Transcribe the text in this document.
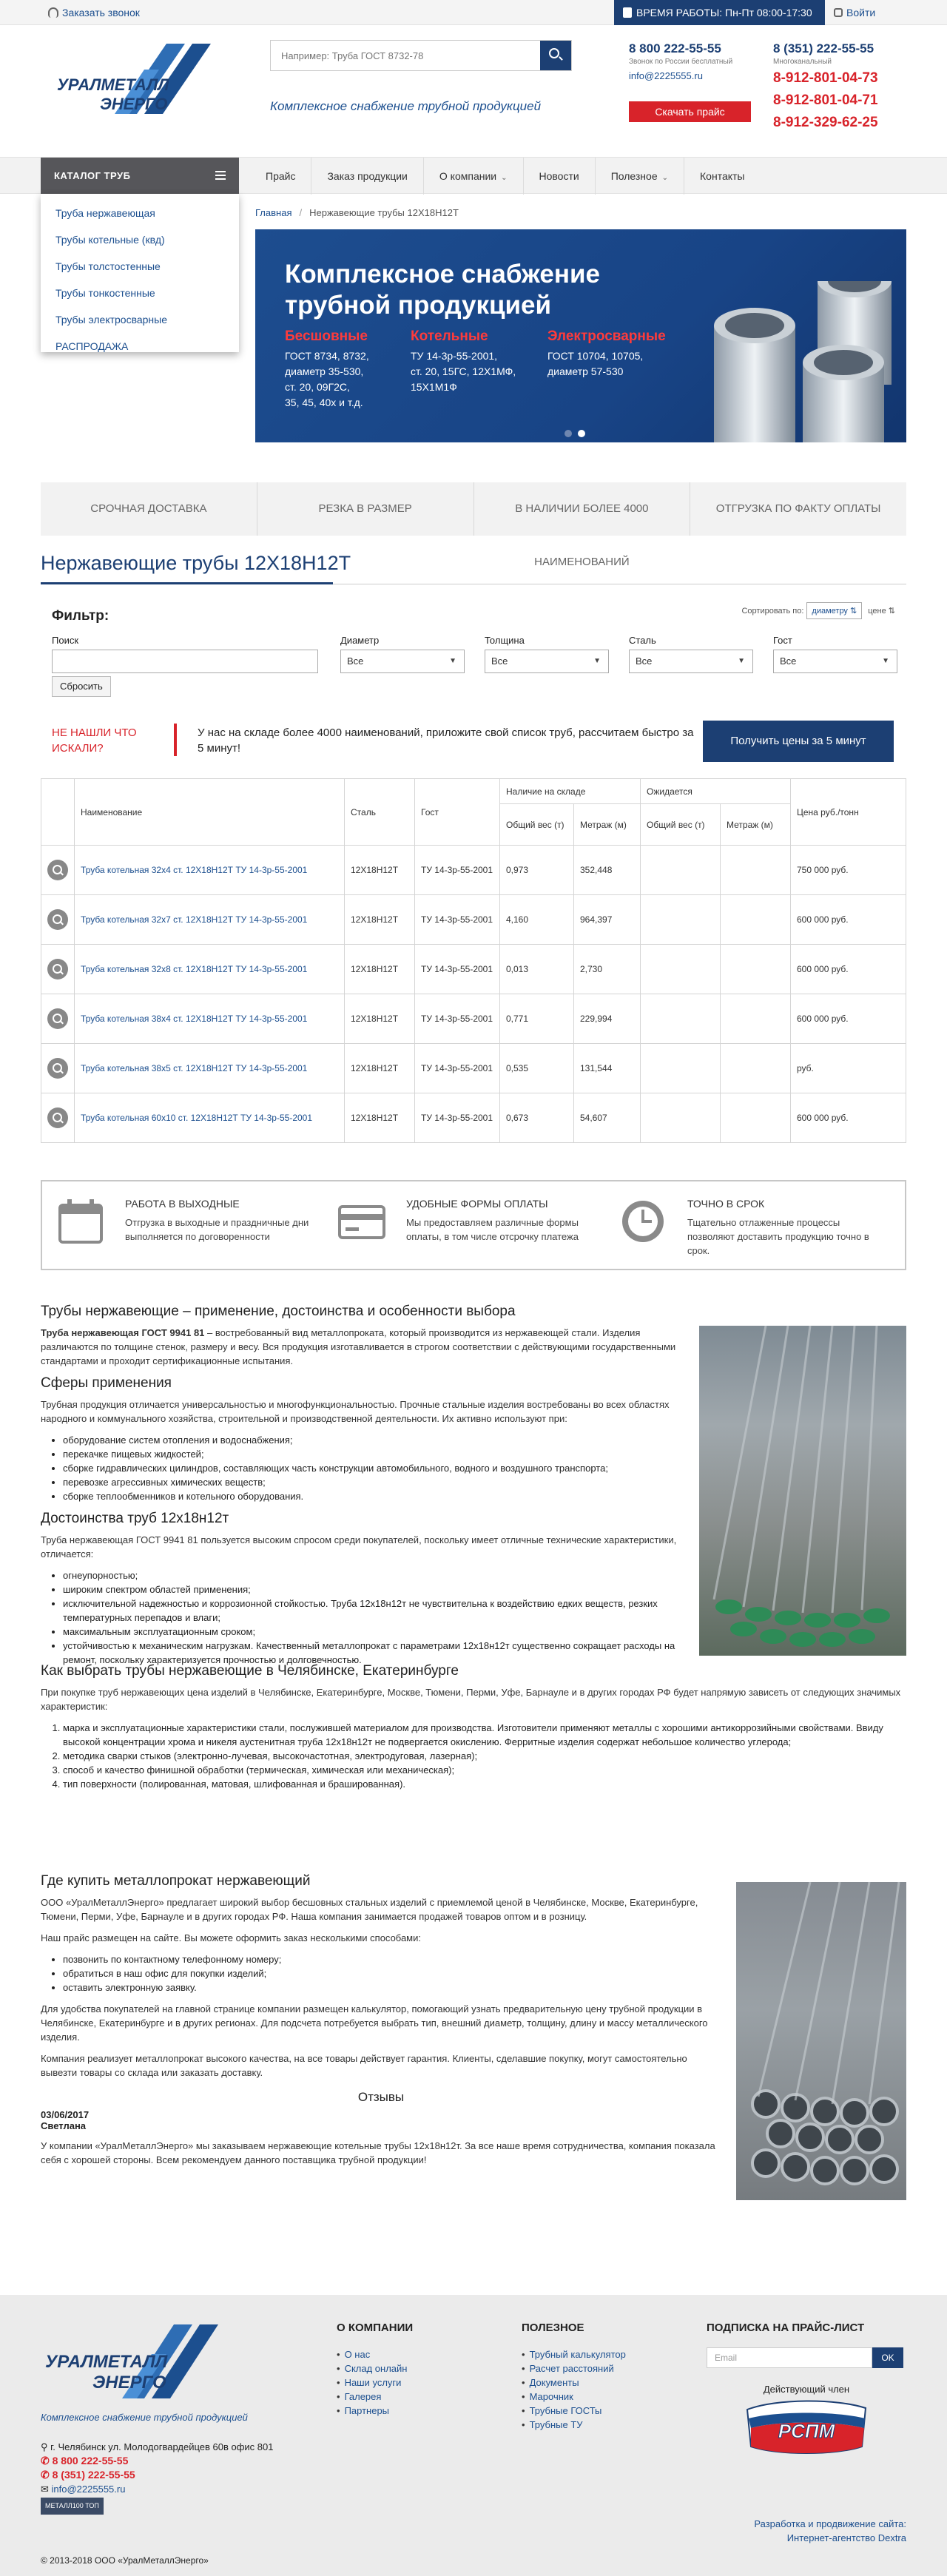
Заказать звонок	ВРЕМЯ РАБОТЫ: Пн-Пт 08:00-17:30	Войти
УРАЛМЕТАЛЛ
ЭНЕРГО
Например: Труба ГОСТ 8732-78	Комплексное снабжение трубной продукцией
8 800 222-55-55
Звонок по России бесплатный
info@2225555.ru
Скачать прайс
8 (351) 222-55-55
Многоканальный
8-912-801-04-73
8-912-801-04-71
8-912-329-62-25
КАТАЛОГ ТРУБ	Прайс	Заказ продукции	О компании ⌄	Новости	Полезное ⌄	Контакты
Труба нержавеющая
Трубы котельные (квд)
Трубы толстостенные
Трубы тонкостенные
Трубы электросварные
РАСПРОДАЖА
Главная / Нержавеющие трубы 12Х18Н12Т
Комплексное снабжение
трубной продукцией
Бесшовные
ГОСТ 8734, 8732,
диаметр 35-530,
ст. 20, 09Г2С,
35, 45, 40х и т.д.
Котельные
ТУ 14-3р-55-2001,
ст. 20, 15ГС, 12Х1МФ,
15Х1М1Ф
Электросварные
ГОСТ 10704, 10705,
диаметр 57-530
СРОЧНАЯ ДОСТАВКА	РЕЗКА В РАЗМЕР	В НАЛИЧИИ БОЛЕЕ 4000 НАИМЕНОВАНИЙ
ОТГРУЗКА ПО ФАКТУ ОПЛАТЫ
Нержавеющие трубы 12Х18Н12Т
Фильтр:	Сортировать по: диаметру ⇅ цене ⇅
Поиск	Диаметр
Все	▼
Толщина
Все	▼
Сталь
Все	▼
Гост
Все	▼
Сбросить
НЕ НАШЛИ ЧТО
ИСКАЛИ?
У нас на складе более 4000 наименований, приложите свой список труб, рассчитаем быстро за 5 минут!
Получить цены за 5 минут
	Наименование	Сталь	Гост	Наличие на складе		Ожидается		Цена руб./тонн
				Общий вес (т)	Метраж (м)	Общий вес (т)	Метраж (м)	
	Труба котельная 32х4 ст. 12Х18Н12Т ТУ 14-3р-55-2001	12Х18Н12Т	ТУ 14-3р-55-2001	0,973	352,448			750 000 руб.
	Труба котельная 32х7 ст. 12Х18Н12Т ТУ 14-3р-55-2001	12Х18Н12Т	ТУ 14-3р-55-2001	4,160	964,397			600 000 руб.
	Труба котельная 32х8 ст. 12Х18Н12Т ТУ 14-3р-55-2001	12Х18Н12Т	ТУ 14-3р-55-2001	0,013	2,730			600 000 руб.
	Труба котельная 38х4 ст. 12Х18Н12Т ТУ 14-3р-55-2001	12Х18Н12Т	ТУ 14-3р-55-2001	0,771	229,994			600 000 руб.
	Труба котельная 38х5 ст. 12Х18Н12Т ТУ 14-3р-55-2001	12Х18Н12Т	ТУ 14-3р-55-2001	0,535	131,544			руб.
	Труба котельная 60х10 ст. 12Х18Н12Т ТУ 14-3р-55-2001	12Х18Н12Т	ТУ 14-3р-55-2001	0,673	54,607			600 000 руб.
РАБОТА В ВЫХОДНЫЕ

Отгрузка в выходные и праздничные дни выполняется по договоренности

УДОБНЫЕ ФОРМЫ ОПЛАТЫ

Мы предоставляем различные формы оплаты, в том числе отсрочку платежа

ТОЧНО В СРОК

Тщательно отлаженные процессы позволяют доставить продукцию точно в срок.

Трубы нержавеющие – применение, достоинства и особенности выбора

Труба нержавеющая ГОСТ 9941 81 – востребованный вид металлопроката, который производится из нержавеющей стали. Изделия различаются по толщине стенок, размеру и весу. Вся продукция изготавливается в строгом соответствии с действующими государственными стандартами и проходит сертификационные испытания.

Сферы применения

Трубная продукция отличается универсальностью и многофункциональностью. Прочные стальные изделия востребованы во всех областях народного и коммунального хозяйства, строительной и производственной деятельности. Их активно используют при:

• оборудование систем отопления и водоснабжения;
• перекачке пищевых жидкостей;
• сборке гидравлических цилиндров, составляющих часть конструкции автомобильного, водного и воздушного транспорта;
• перевозке агрессивных химических веществ;
• сборке теплообменников и котельного оборудования.
Достоинства труб 12х18н12т

Труба нержавеющая ГОСТ 9941 81 пользуется высоким спросом среди покупателей, поскольку имеет отличные технические характеристики, отличается:

• огнеупорностью;
• широким спектром областей применения;
• исключительной надежностью и коррозионной стойкостью. Труба 12х18н12т не чувствительна к воздействию едких веществ, резких температурных перепадов и влаги;
• максимальным эксплуатационным сроком;
• устойчивостью к механическим нагрузкам. Качественный металлопрокат с параметрами 12х18н12т существенно сокращает расходы на ремонт, поскольку характеризуется прочностью и долговечностью.
Как выбрать трубы нержавеющие в Челябинске, Екатеринбурге

При покупке труб нержавеющих цена изделий в Челябинске, Екатеринбурге, Москве, Тюмени, Перми, Уфе, Барнауле и в других городах РФ будет напрямую зависеть от следующих значимых характеристик:

1. марка и эксплуатационные характеристики стали, послужившей материалом для производства. Изготовители применяют металлы с хорошими антикоррозийными свойствами. Ввиду высокой концентрации хрома и никеля аустенитная труба 12х18н12т не подвергается окислению. Ферритные изделия содержат небольшое количество углерода;
2. методика сварки стыков (электронно-лучевая, высокочастотная, электродуговая, лазерная);
3. способ и качество финишной обработки (термическая, химическая или механическая);
4. тип поверхности (полированная, матовая, шлифованная и брашированная).
Где купить металлопрокат нержавеющий

ООО «УралМеталлЭнерго» предлагает широкий выбор бесшовных стальных изделий с приемлемой ценой в Челябинске, Москве, Екатеринбурге, Тюмени, Перми, Уфе, Барнауле и в других городах РФ. Наша компания занимается продажей товаров оптом и в розницу.

Наш прайс размещен на сайте. Вы можете оформить заказ несколькими способами:

• позвонить по контактному телефонному номеру;
• обратиться в наш офис для покупки изделий;
• оставить электронную заявку.

Для удобства покупателей на главной странице компании размещен калькулятор, помогающий узнать предварительную цену трубной продукции в Челябинске, Екатеринбурге и в других регионах. Для подсчета потребуется выбрать тип, внешний диаметр, толщину, длину и массу металлического изделия.

Компания реализует металлопрокат высокого качества, на все товары действует гарантия. Клиенты, сделавшие покупку, могут самостоятельно вывезти товары со склада или заказать доставку.

Отзывы
03/06/2017
Светлана

У компании «УралМеталлЭнерго» мы заказываем нержавеющие котельные трубы 12х18н12т. За все наше время сотрудничества, компания показала себя с хорошей стороны. Всем рекомендуем данного поставщика трубной продукции!

УРАЛМЕТАЛЛ
ЭНЕРГО
Комплексное снабжение трубной продукцией
⚲ г. Челябинск ул. Молодогвардейцев 60в офис 801
✆ 8 800 222-55-55
✆ 8 (351) 222-55-55
✉ info@2225555.ru
МЕТАЛЛ100 ТОП
© 2013-2018 ООО «УралМеталлЭнерго»
О КОМПАНИИ
• О нас
• Склад онлайн
• Наши услуги
• Галерея
• Партнеры
ПОЛЕЗНОЕ
• Трубный калькулятор
• Расчет расстояний
• Документы
• Марочник
• Трубные ГОСТы
• Трубные ТУ
ПОДПИСКА НА ПРАЙС-ЛИСТ
Email	OK
Действующий член
РСПМ
Разработка и продвижение сайта:
Интернет-агентство Dextra
